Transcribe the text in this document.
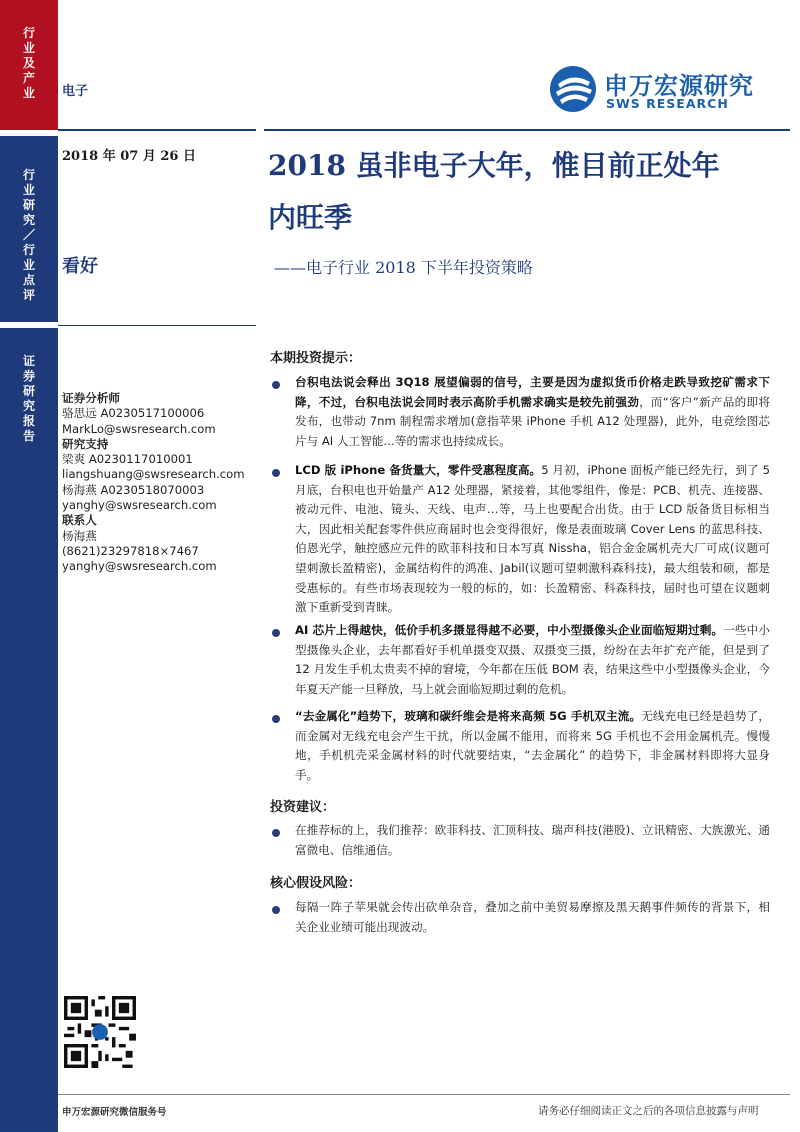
行
业
及
产
业
行
业
研
究
／
行
业
点
评
证
券
研
究
报
告
电子	申万宏源研究
SWS RESEARCH
2018 年 07 月 26 日	2018 虽非电子大年，惟目前正处年
内旺季
——电子行业 2018 下半年投资策略
看好
证券分析师
骆思远 A0230517100006
MarkLo@swsresearch.com
研究支持
梁爽 A0230117010001
liangshuang@swsresearch.com
杨海燕 A0230518070003
yanghy@swsresearch.com
联系人
杨海燕
(8621)23297818×7467
yanghy@swsresearch.com
本期投资提示：
台积电法说会释出 3Q18 展望偏弱的信号，主要是因为虚拟货币价格走跌导致挖矿需求下降，不过，台积电法说会同时表示高阶手机需求确实是较先前强劲，而“客户”新产品的即将发布，也带动 7nm 制程需求增加(意指苹果 iPhone 手机 A12 处理器)，此外，电竞绘图芯片与 AI 人工智能…等的需求也持续成长。
LCD 版 iPhone 备货量大，零件受惠程度高。5 月初，iPhone 面板产能已经先行，到了 5 月底，台积电也开始量产 A12 处理器，紧接着，其他零组件，像是：PCB、机壳、连接器、被动元件、电池、镜头、天线、电声…等，马上也要配合出货。由于 LCD 版备货目标相当大，因此相关配套零件供应商届时也会变得很好，像是表面玻璃 Cover Lens 的蓝思科技、伯恩光学，触控感应元件的欧菲科技和日本写真 Nissha，铝合金金属机壳大厂可成(议题可望刺激长盈精密)，金属结构件的鸿准、Jabil(议题可望刺激科森科技)，最大组装和硕，都是受惠标的。有些市场表现较为一般的标的，如：长盈精密、科森科技，届时也可望在议题刺激下重新受到青睐。
AI 芯片上得越快，低价手机多摄显得越不必要，中小型摄像头企业面临短期过剩。一些中小型摄像头企业，去年都看好手机单摄变双摄、双摄变三摄，纷纷在去年扩充产能，但是到了 12 月发生手机太贵卖不掉的窘境，今年都在压低 BOM 表，结果这些中小型摄像头企业，今年夏天产能一旦释放，马上就会面临短期过剩的危机。
“去金属化”趋势下，玻璃和碳纤维会是将来高频 5G 手机双主流。无线充电已经是趋势了，而金属对无线充电会产生干扰，所以金属不能用，而将来 5G 手机也不会用金属机壳。慢慢地，手机机壳采金属材料的时代就要结束，“去金属化” 的趋势下，非金属材料即将大显身手。
投资建议：
在推荐标的上，我们推荐：欧菲科技、汇顶科技、瑞声科技(港股)、立讯精密、大族激光、通富微电、信维通信。
核心假设风险：
每隔一阵子苹果就会传出砍单杂音，叠加之前中美贸易摩擦及黑天鹅事件频传的背景下，相关企业业绩可能出现波动。
申万宏源研究微信服务号	请务必仔细阅读正文之后的各项信息披露与声明
